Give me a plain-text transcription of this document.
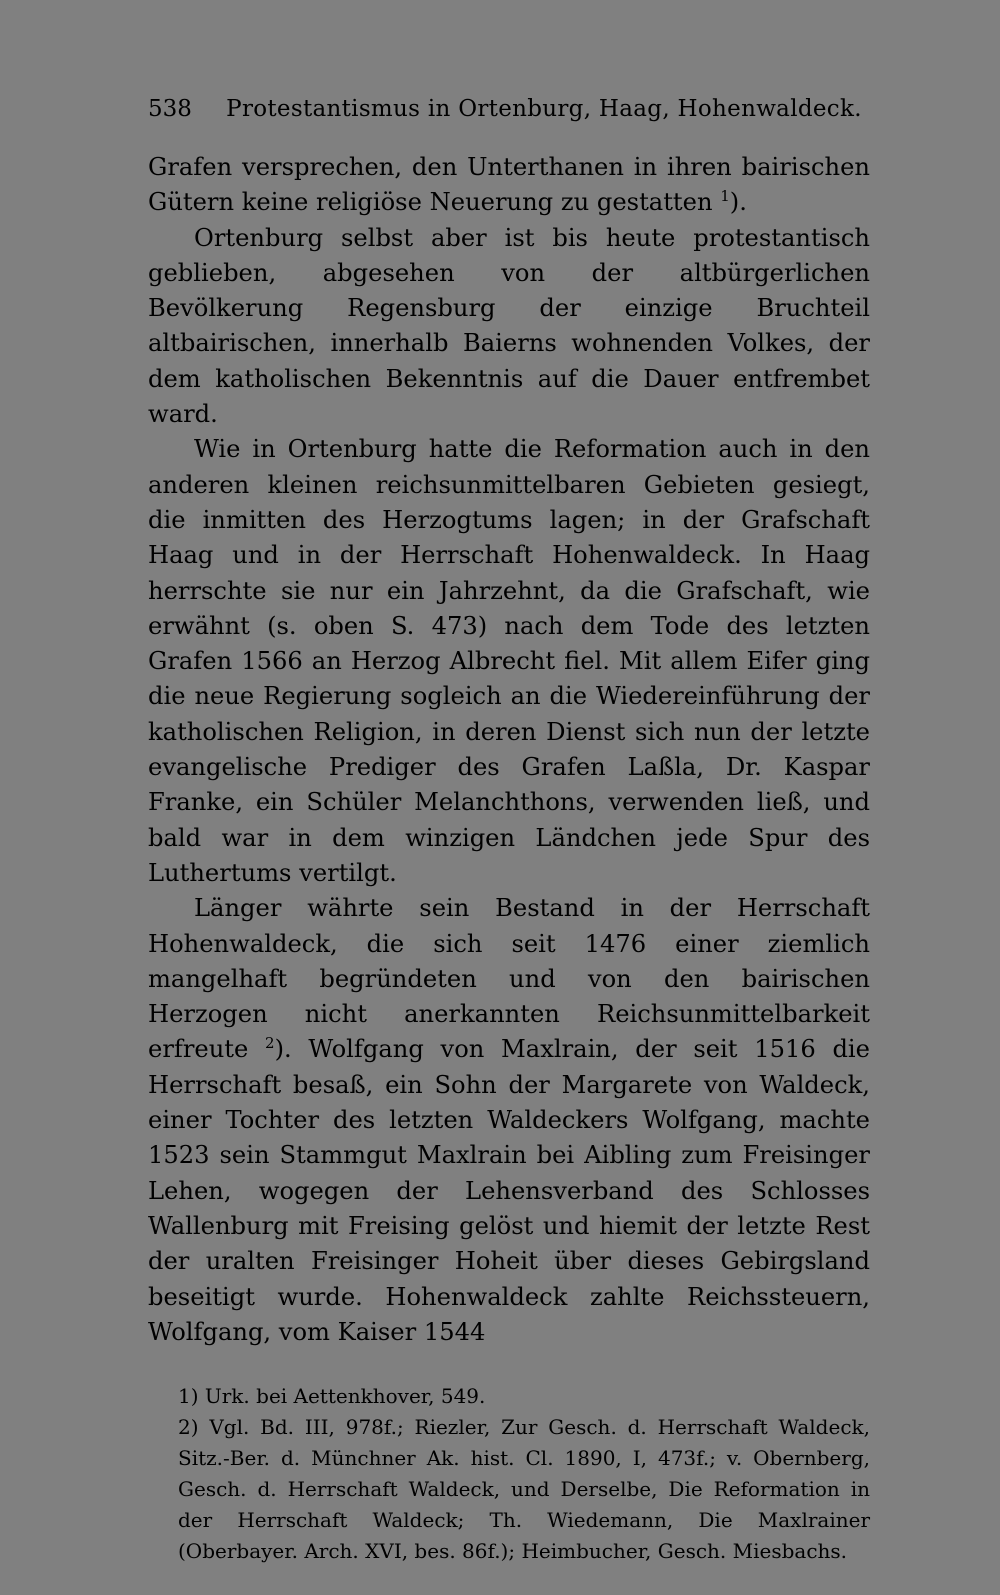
538	Protestantismus in Ortenburg, Haag, Hohenwaldeck.

Grafen versprechen, den Unterthanen in ihren bairischen Gütern keine religiöse Neuerung zu gestatten $^1$).

Ortenburg selbst aber ist bis heute protestantisch geblieben, abgesehen von der altbürgerlichen Bevölkerung Regensburg der einzige Bruchteil altbairischen, innerhalb Baierns wohnenden Volkes, der dem katholischen Bekenntnis auf die Dauer entfrembet ward.

Wie in Ortenburg hatte die Reformation auch in den anderen kleinen reichsunmittelbaren Gebieten gesiegt, die inmitten des Herzogtums lagen; in der Grafschaft Haag und in der Herrschaft Hohenwaldeck. In Haag herrschte sie nur ein Jahrzehnt, da die Grafschaft, wie erwähnt (s. oben S. 473) nach dem Tode des letzten Grafen 1566 an Herzog Albrecht fiel. Mit allem Eifer ging die neue Regierung sogleich an die Wiedereinführung der katholischen Religion, in deren Dienst sich nun der letzte evangelische Prediger des Grafen Laßla, Dr. Kaspar Franke, ein Schüler Melanchthons, verwenden ließ, und bald war in dem winzigen Ländchen jede Spur des Luthertums vertilgt.

Länger währte sein Bestand in der Herrschaft Hohenwaldeck, die sich seit 1476 einer ziemlich mangelhaft begründeten und von den bairischen Herzogen nicht anerkannten Reichsunmittelbarkeit erfreute $^2$). Wolfgang von Maxlrain, der seit 1516 die Herrschaft besaß, ein Sohn der Margarete von Waldeck, einer Tochter des letzten Waldeckers Wolfgang, machte 1523 sein Stammgut Maxlrain bei Aibling zum Freisinger Lehen, wogegen der Lehensverband des Schlosses Wallenburg mit Freising gelöst und hiemit der letzte Rest der uralten Freisinger Hoheit über dieses Gebirgsland beseitigt wurde. Hohenwaldeck zahlte Reichssteuern, Wolfgang, vom Kaiser 1544

1) Urk. bei Aettenkhover, 549.

2) Vgl. Bd. III, 978f.; Riezler, Zur Gesch. d. Herrschaft Waldeck, Sitz.-Ber. d. Münchner Ak. hist. Cl. 1890, I, 473f.; v. Obernberg, Gesch. d. Herrschaft Waldeck, und Derselbe, Die Reformation in der Herrschaft Waldeck; Th. Wiedemann, Die Maxlrainer (Oberbayer. Arch. XVI, bes. 86f.); Heimbucher, Gesch. Miesbachs.
